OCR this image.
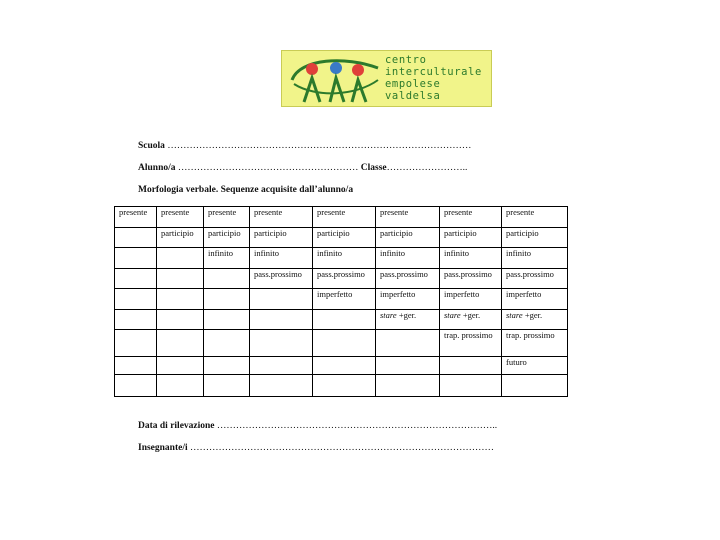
centro
interculturale
empolese
valdelsa
Scuola ……………………………………………………………………………………
Alunno/a ………………………………………………… Classe……………………..
Morfologia verbale. Sequenze acquisite dall’alunno/a
presente	presente	presente	presente	presente	presente	presente	presente
	participio	participio	participio	participio	participio	participio	participio
		infinito	infinito	infinito	infinito	infinito	infinito
			pass.prossimo	pass.prossimo	pass.prossimo	pass.prossimo	pass.prossimo
				imperfetto	imperfetto	imperfetto	imperfetto
					stare +ger.	stare +ger.	stare +ger.
						trap. prossimo	trap. prossimo
							futuro

Data di rilevazione ……………………………………………………………………………..
Insegnante/i ……………………………………………………………………………………
